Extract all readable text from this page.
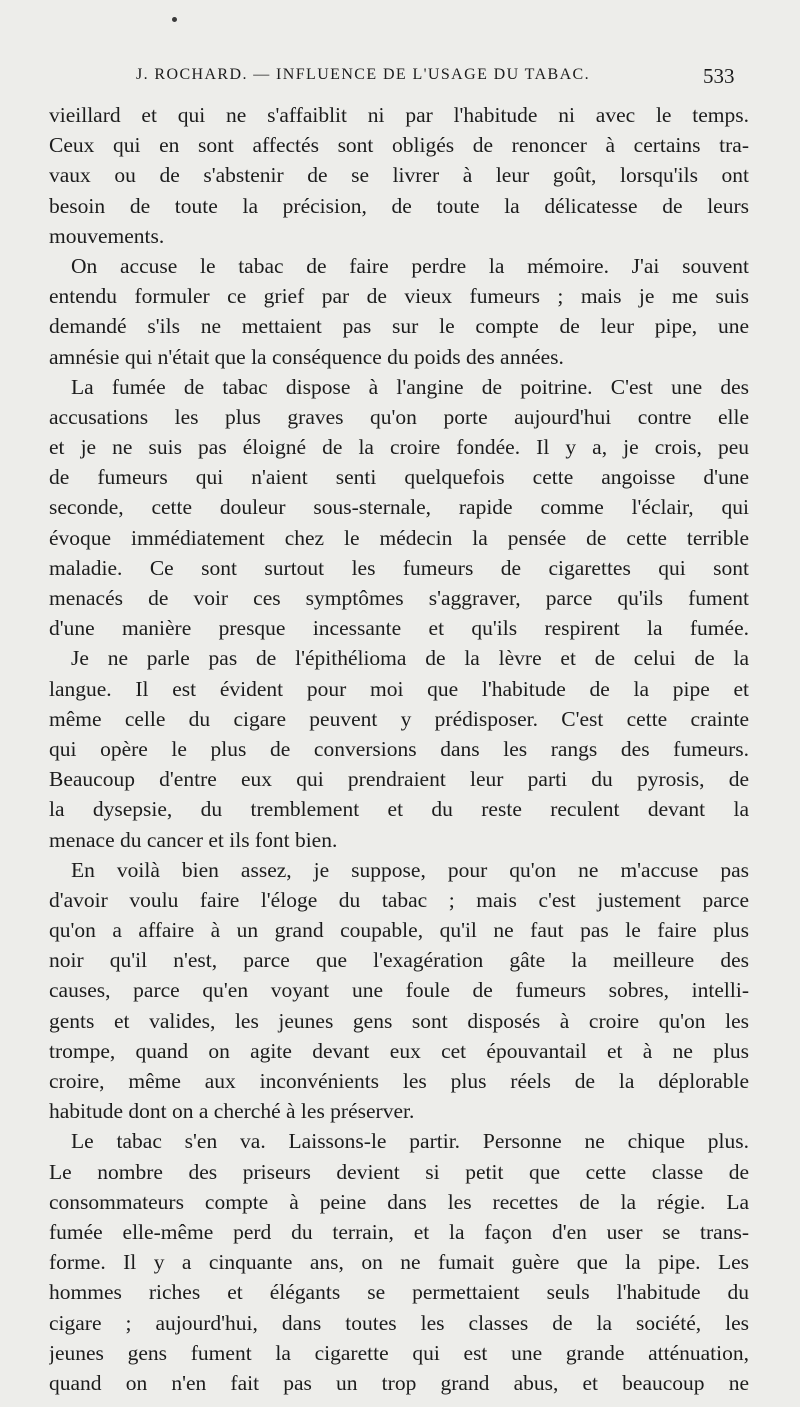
J. ROCHARD. — INFLUENCE DE L'USAGE DU TABAC.	533
vieillard et qui ne s'affaiblit ni par l'habitude ni avec le temps.
Ceux qui en sont affectés sont obligés de renoncer à certains tra-
vaux ou de s'abstenir de se livrer à leur goût, lorsqu'ils ont
besoin de toute la précision, de toute la délicatesse de leurs
mouvements.
On accuse le tabac de faire perdre la mémoire. J'ai souvent
entendu formuler ce grief par de vieux fumeurs ; mais je me suis
demandé s'ils ne mettaient pas sur le compte de leur pipe, une
amnésie qui n'était que la conséquence du poids des années.
La fumée de tabac dispose à l'angine de poitrine. C'est une des
accusations les plus graves qu'on porte aujourd'hui contre elle
et je ne suis pas éloigné de la croire fondée. Il y a, je crois, peu
de fumeurs qui n'aient senti quelquefois cette angoisse d'une
seconde, cette douleur sous-sternale, rapide comme l'éclair, qui
évoque immédiatement chez le médecin la pensée de cette terrible
maladie. Ce sont surtout les fumeurs de cigarettes qui sont
menacés de voir ces symptômes s'aggraver, parce qu'ils fument
d'une manière presque incessante et qu'ils respirent la fumée.
Je ne parle pas de l'épithélioma de la lèvre et de celui de la
langue. Il est évident pour moi que l'habitude de la pipe et
même celle du cigare peuvent y prédisposer. C'est cette crainte
qui opère le plus de conversions dans les rangs des fumeurs.
Beaucoup d'entre eux qui prendraient leur parti du pyrosis, de
la dysepsie, du tremblement et du reste reculent devant la
menace du cancer et ils font bien.
En voilà bien assez, je suppose, pour qu'on ne m'accuse pas
d'avoir voulu faire l'éloge du tabac ; mais c'est justement parce
qu'on a affaire à un grand coupable, qu'il ne faut pas le faire plus
noir qu'il n'est, parce que l'exagération gâte la meilleure des
causes, parce qu'en voyant une foule de fumeurs sobres, intelli-
gents et valides, les jeunes gens sont disposés à croire qu'on les
trompe, quand on agite devant eux cet épouvantail et à ne plus
croire, même aux inconvénients les plus réels de la déplorable
habitude dont on a cherché à les préserver.
Le tabac s'en va. Laissons-le partir. Personne ne chique plus.
Le nombre des priseurs devient si petit que cette classe de
consommateurs compte à peine dans les recettes de la régie. La
fumée elle-même perd du terrain, et la façon d'en user se trans-
forme. Il y a cinquante ans, on ne fumait guère que la pipe. Les
hommes riches et élégants se permettaient seuls l'habitude du
cigare ; aujourd'hui, dans toutes les classes de la société, les
jeunes gens fument la cigarette qui est une grande atténuation,
quand on n'en fait pas un trop grand abus, et beaucoup ne
